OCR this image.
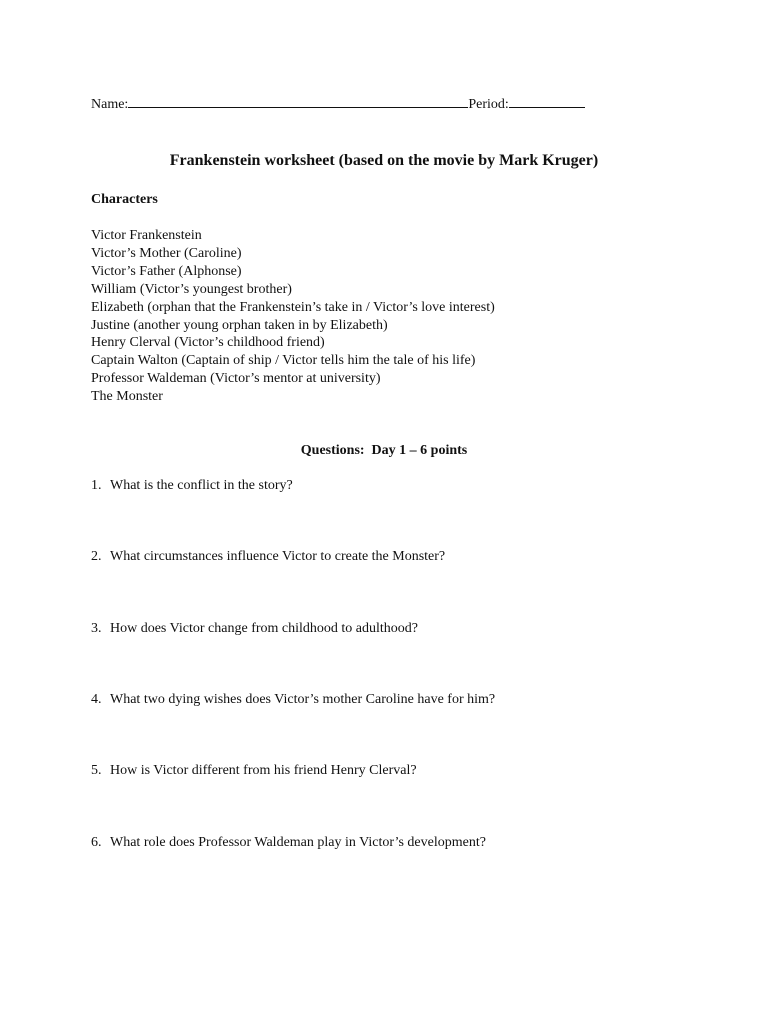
Name:	Period:
Frankenstein worksheet (based on the movie by Mark Kruger)
Characters
Victor Frankenstein
Victor’s Mother (Caroline)
Victor’s Father (Alphonse)
William (Victor’s youngest brother)
Elizabeth (orphan that the Frankenstein’s take in / Victor’s love interest)
Justine (another young orphan taken in by Elizabeth)
Henry Clerval (Victor’s childhood friend)
Captain Walton (Captain of ship / Victor tells him the tale of his life)
Professor Waldeman (Victor’s mentor at university)
The Monster
Questions:  Day 1 – 6 points
1. What is the conflict in the story?
2. What circumstances influence Victor to create the Monster?
3. How does Victor change from childhood to adulthood?
4. What two dying wishes does Victor’s mother Caroline have for him?
5. How is Victor different from his friend Henry Clerval?
6. What role does Professor Waldeman play in Victor’s development?
